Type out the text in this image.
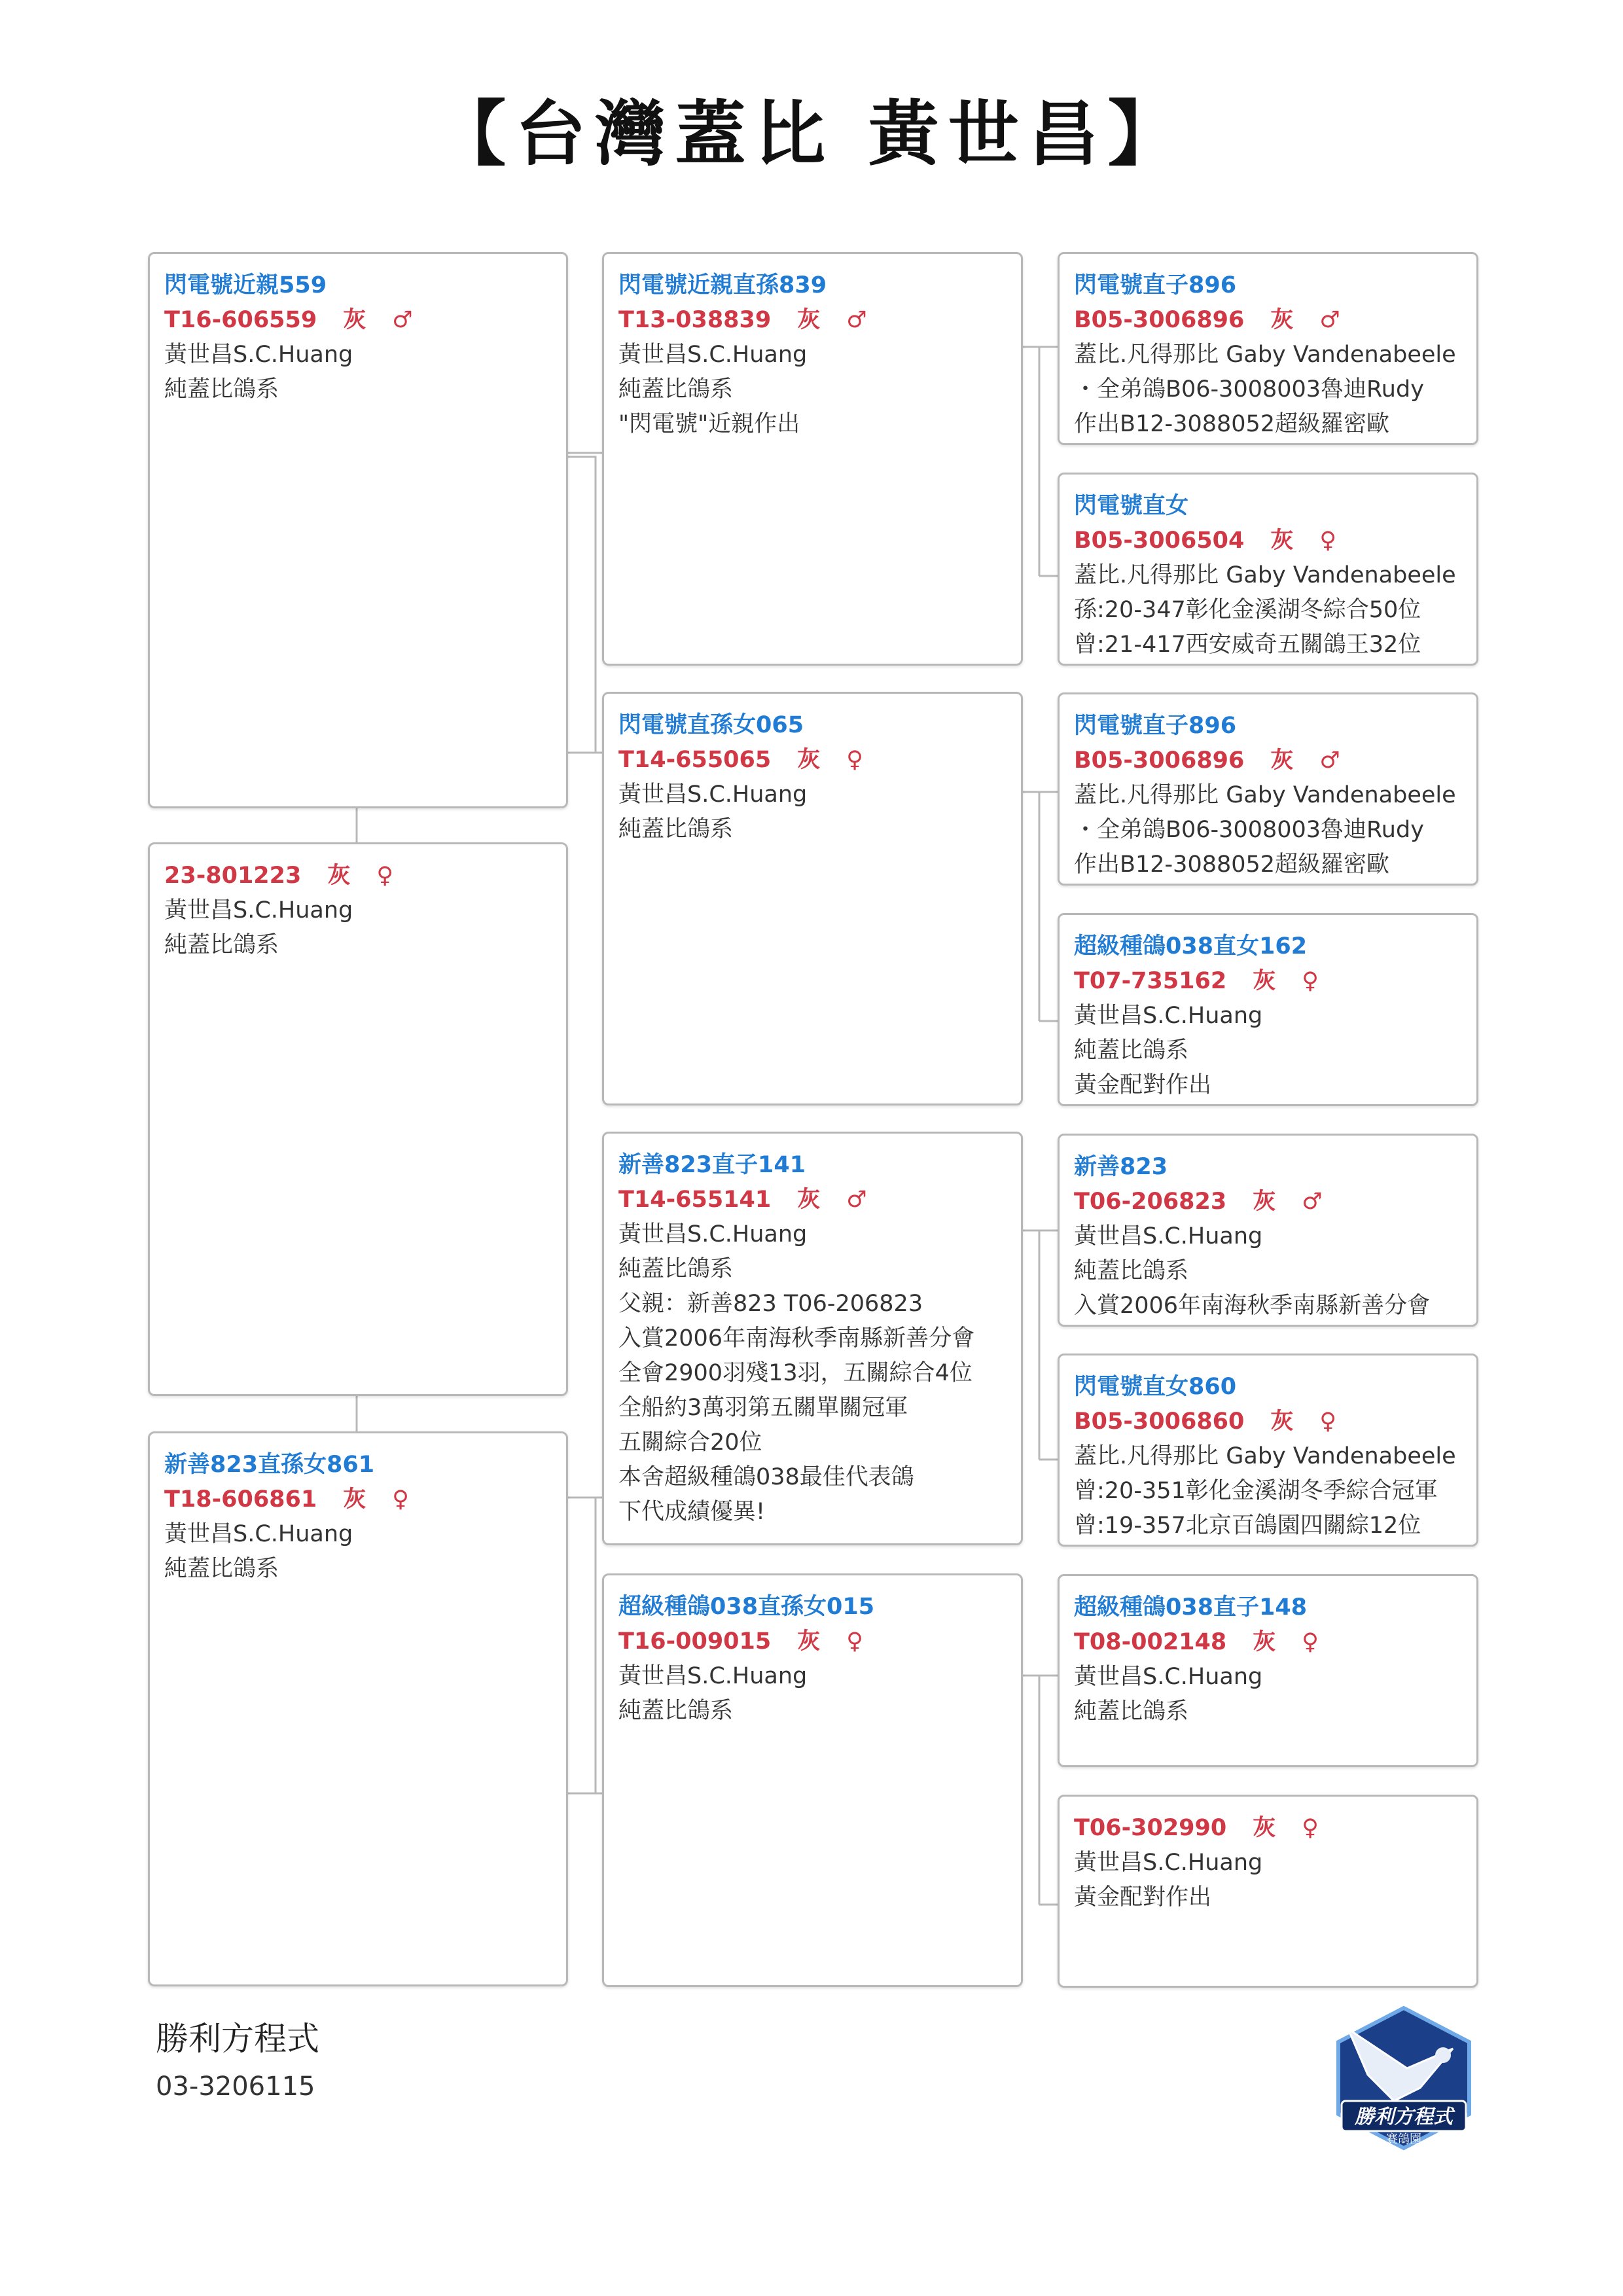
【台灣蓋比 黃世昌】
閃電號近親559
T16-606559 灰 ♂
黃世昌S.C.Huang
純蓋比鴿系
23-801223 灰 ♀
黃世昌S.C.Huang
純蓋比鴿系
新善823直孫女861
T18-606861 灰 ♀
黃世昌S.C.Huang
純蓋比鴿系
閃電號近親直孫839
T13-038839 灰 ♂
黃世昌S.C.Huang
純蓋比鴿系
"閃電號"近親作出
閃電號直孫女065
T14-655065 灰 ♀
黃世昌S.C.Huang
純蓋比鴿系
新善823直子141
T14-655141 灰 ♂
黃世昌S.C.Huang
純蓋比鴿系
父親：新善823 T06-206823
入賞2006年南海秋季南縣新善分會
全會2900羽殘13羽，五關綜合4位
全船約3萬羽第五關單關冠軍
五關綜合20位
本舍超級種鴿038最佳代表鴿
下代成績優異!
超級種鴿038直孫女015
T16-009015 灰 ♀
黃世昌S.C.Huang
純蓋比鴿系
閃電號直子896
B05-3006896 灰 ♂
蓋比.凡得那比 Gaby Vandenabeele
・全弟鴿B06-3008003魯迪Rudy
作出B12-3088052超級羅密歐
閃電號直女
B05-3006504 灰 ♀
蓋比.凡得那比 Gaby Vandenabeele
孫:20-347彰化金溪湖冬綜合50位
曾:21-417西安威奇五關鴿王32位
閃電號直子896
B05-3006896 灰 ♂
蓋比.凡得那比 Gaby Vandenabeele
・全弟鴿B06-3008003魯迪Rudy
作出B12-3088052超級羅密歐
超級種鴿038直女162
T07-735162 灰 ♀
黃世昌S.C.Huang
純蓋比鴿系
黃金配對作出
新善823
T06-206823 灰 ♂
黃世昌S.C.Huang
純蓋比鴿系
入賞2006年南海秋季南縣新善分會
閃電號直女860
B05-3006860 灰 ♀
蓋比.凡得那比 Gaby Vandenabeele
曾:20-351彰化金溪湖冬季綜合冠軍
曾:19-357北京百鴿園四關綜12位
超級種鴿038直子148
T08-002148 灰 ♀
黃世昌S.C.Huang
純蓋比鴿系
T06-302990 灰 ♀
黃世昌S.C.Huang
黃金配對作出
勝利方程式
03-3206115
勝利方程式
賽鴿園
